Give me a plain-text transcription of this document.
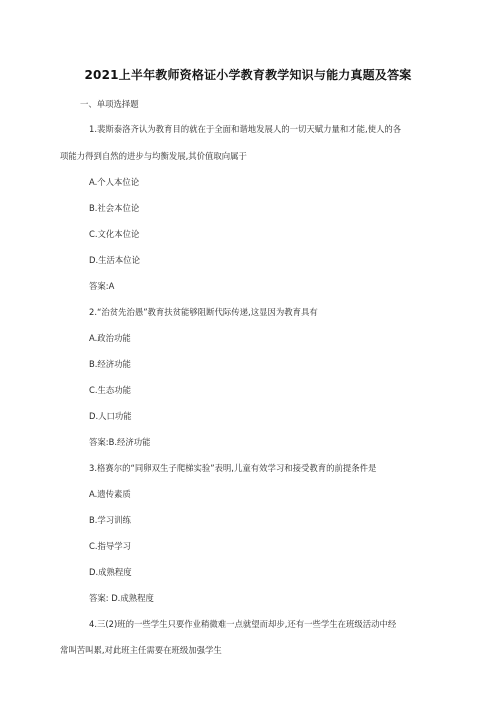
2021上半年教师资格证小学教育教学知识与能力真题及答案
一、单项选择题
1.裴斯泰洛齐认为教育目的就在于全面和谐地发展人的一切天赋力量和才能,使人的各
项能力得到自然的进步与均衡发展,其价值取向属于
A.个人本位论
B.社会本位论
C.文化本位论
D.生活本位论
答案:A
2.“治贫先治愚”教育扶贫能够阻断代际传递,这显因为教育具有
A.政治功能
B.经济功能
C.生态功能
D.人口功能
答案:B.经济功能
3.格赛尔的“同卵双生子爬梯实验”表明,儿童有效学习和接受教育的前提条件是
A.遗传素质
B.学习训练
C.指导学习
D.成熟程度
答案: D.成熟程度
4.三(2)班的一些学生只要作业稍微难一点就望而却步,还有一些学生在班级活动中经
常叫苦叫累,对此班主任需要在班级加强学生
